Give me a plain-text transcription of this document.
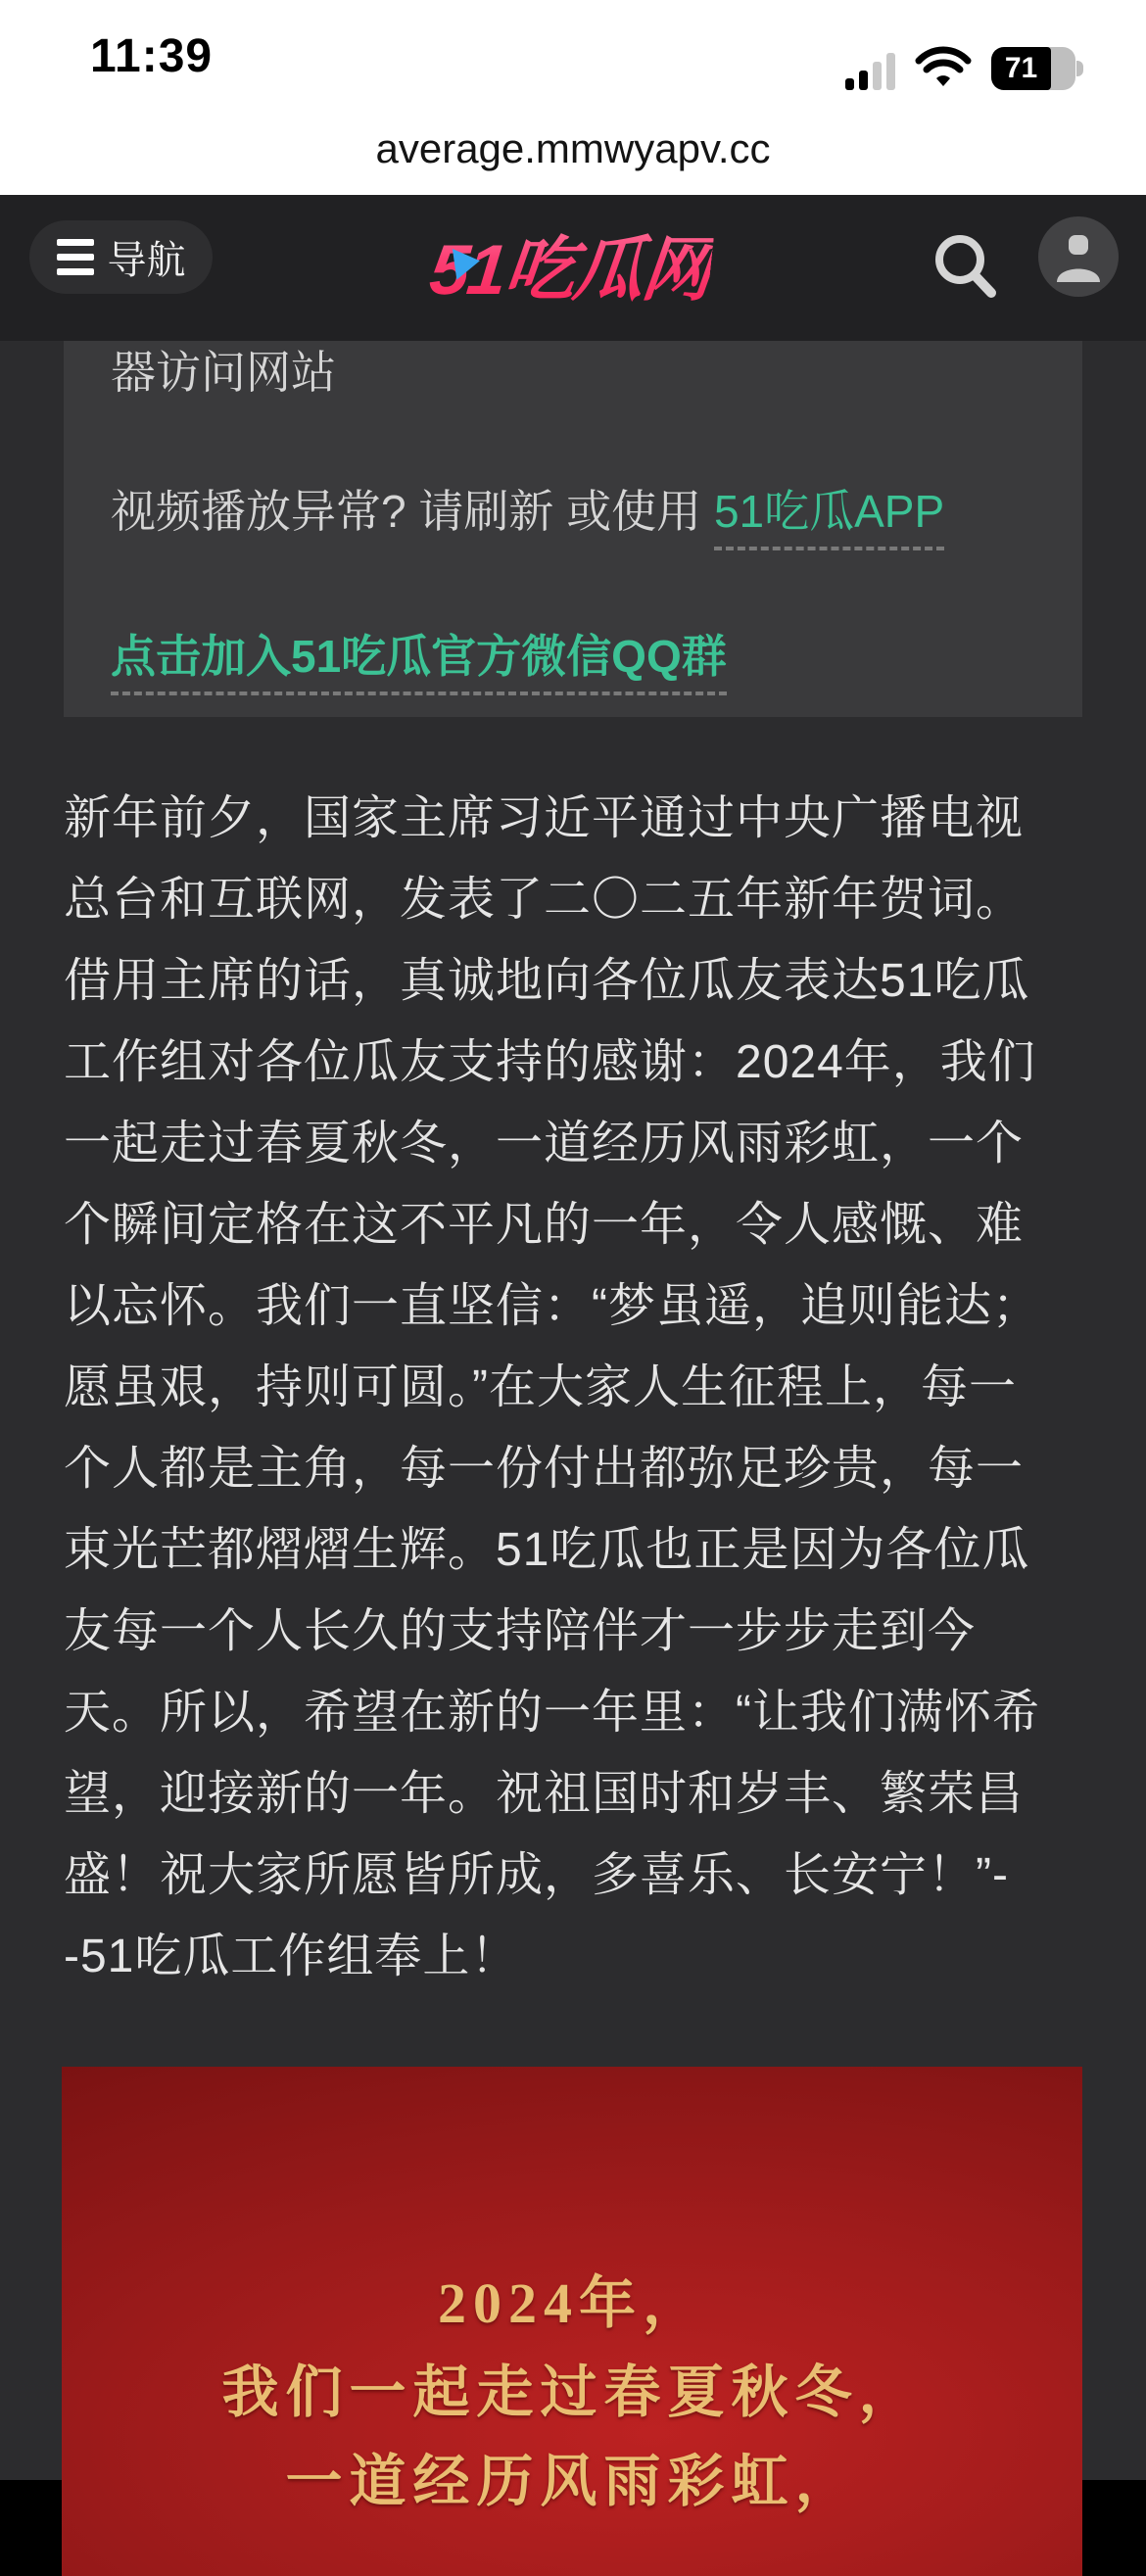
11:39	71
average.mmwyapv.cc
导航	51吃瓜网

器访问网站

视频播放异常? 请刷新 或使用 51吃瓜APP

点击加入51吃瓜官方微信QQ群

新年前夕，国家主席习近平通过中央广播电视
总台和互联网，发表了二〇二五年新年贺词。
借用主席的话，真诚地向各位瓜友表达51吃瓜
工作组对各位瓜友支持的感谢：2024年，我们
一起走过春夏秋冬，一道经历风雨彩虹，一个
个瞬间定格在这不平凡的一年，令人感慨、难
以忘怀。我们一直坚信：“梦虽遥，追则能达；
愿虽艰，持则可圆。”在大家人生征程上，每一
个人都是主角，每一份付出都弥足珍贵，每一
束光芒都熠熠生辉。51吃瓜也正是因为各位瓜
友每一个人长久的支持陪伴才一步步走到今
天。所以，希望在新的一年里：“让我们满怀希
望，迎接新的一年。祝祖国时和岁丰、繁荣昌
盛！祝大家所愿皆所成，多喜乐、长安宁！”-
-51吃瓜工作组奉上！
2024年，
我们一起走过春夏秋冬，
一道经历风雨彩虹，
